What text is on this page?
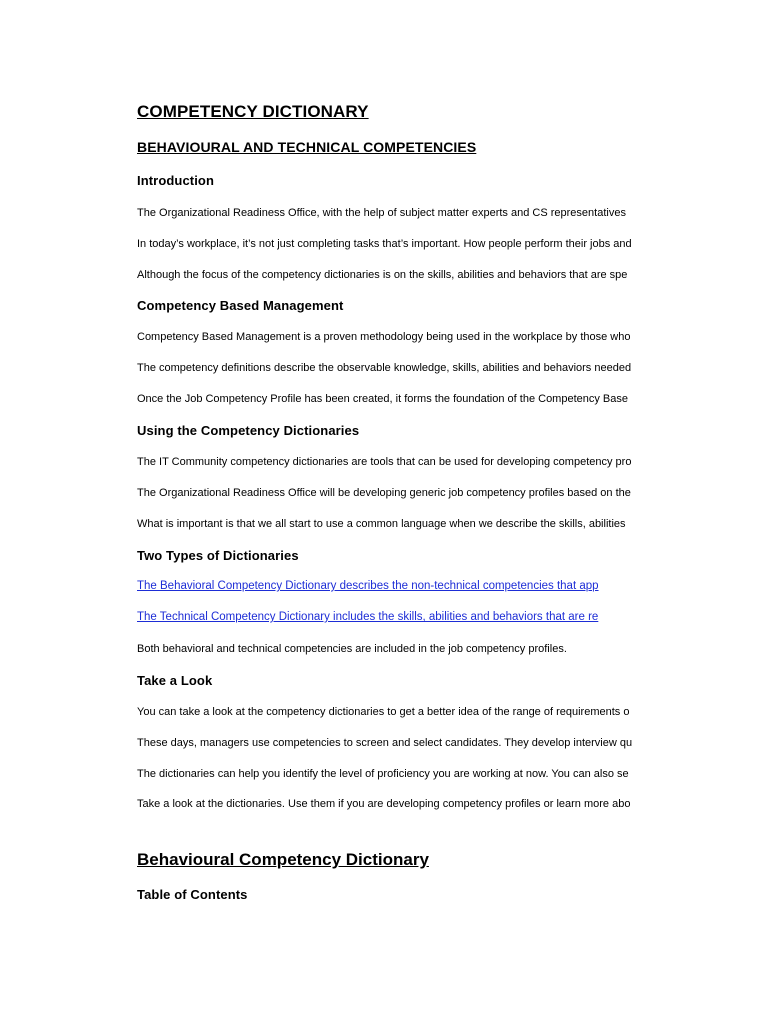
COMPETENCY DICTIONARY
BEHAVIOURAL AND TECHNICAL COMPETENCIES
Introduction
The Organizational Readiness Office, with the help of subject matter experts and CS representatives
In today’s workplace, it’s not just completing tasks that’s important. How people perform their jobs and
Although the focus of the competency dictionaries is on the skills, abilities and behaviors that are spe
Competency Based Management
Competency Based Management is a proven methodology being used in the workplace by those who
The competency definitions describe the observable knowledge, skills, abilities and behaviors needed
Once the Job Competency Profile has been created, it forms the foundation of the Competency Base
Using the Competency Dictionaries
The IT Community competency dictionaries are tools that can be used for developing competency pro
The Organizational Readiness Office will be developing generic job competency profiles based on the
What is important is that we all start to use a common language when we describe the skills, abilities
Two Types of Dictionaries
The Behavioral Competency Dictionary describes the non-technical competencies that app
The Technical Competency Dictionary includes the skills, abilities and behaviors that are re
Both behavioral and technical competencies are included in the job competency profiles.
Take a Look
You can take a look at the competency dictionaries to get a better idea of the range of requirements o
These days, managers use competencies to screen and select candidates. They develop interview qu
The dictionaries can help you identify the level of proficiency you are working at now. You can also se
Take a look at the dictionaries. Use them if you are developing competency profiles or learn more abo
Behavioural Competency Dictionary
Table of Contents
